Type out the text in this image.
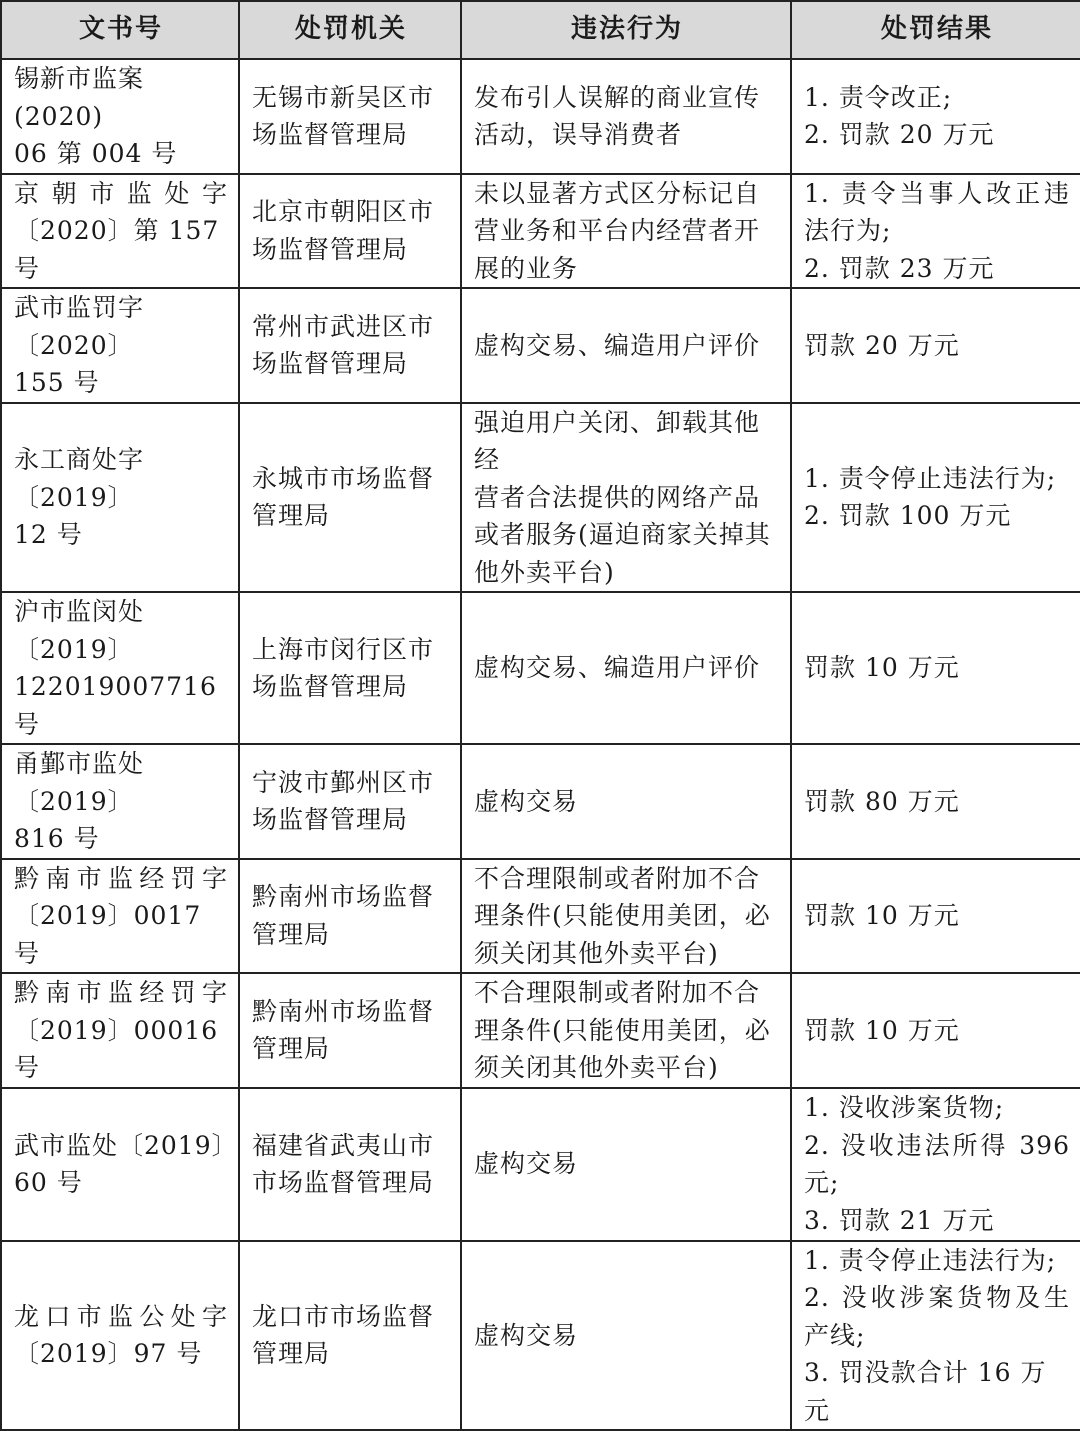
文书号	处罚机关	违法行为	处罚结果

锡新市监案(2020)
06 第 004 号	无锡市新吴区市
场监督管理局	发布引人误解的商业宣传
活动，误导消费者	1. 责令改正;
2. 罚款 20 万元

京 朝 市 监 处 字
〔2020〕第 157 号	北京市朝阳区市
场监督管理局	未以显著方式区分标记自
营业务和平台内经营者开
展的业务	1. 责令当事人改正违
法行为;
2. 罚款 23 万元

武市监罚字〔2020〕
155 号	常州市武进区市
场监督管理局	虚构交易、编造用户评价	罚款 20 万元

永工商处字〔2019〕
12 号	永城市市场监督
管理局	强迫用户关闭、卸载其他经
营者合法提供的网络产品
或者服务(逼迫商家关掉其
他外卖平台)	1. 责令停止违法行为;
2. 罚款 100 万元

沪市监闵处〔2019〕
122019007716 号	上海市闵行区市
场监督管理局	虚构交易、编造用户评价	罚款 10 万元

甬鄞市监处〔2019〕
816 号	宁波市鄞州区市
场监督管理局	虚构交易	罚款 80 万元

黔南市监经罚字
〔2019〕0017 号	黔南州市场监督
管理局	不合理限制或者附加不合
理条件(只能使用美团，必
须关闭其他外卖平台)	罚款 10 万元

黔南市监经罚字
〔2019〕00016 号	黔南州市场监督
管理局	不合理限制或者附加不合
理条件(只能使用美团，必
须关闭其他外卖平台)	罚款 10 万元

武市监处〔2019〕
60 号	福建省武夷山市
市场监督管理局	虚构交易	1. 没收涉案货物;
2. 没收违法所得 396
元;
3. 罚款 21 万元

龙口市监公处字
〔2019〕97 号	龙口市市场监督
管理局	虚构交易	1. 责令停止违法行为;
2. 没收涉案货物及生
产线;
3. 罚没款合计 16 万元
